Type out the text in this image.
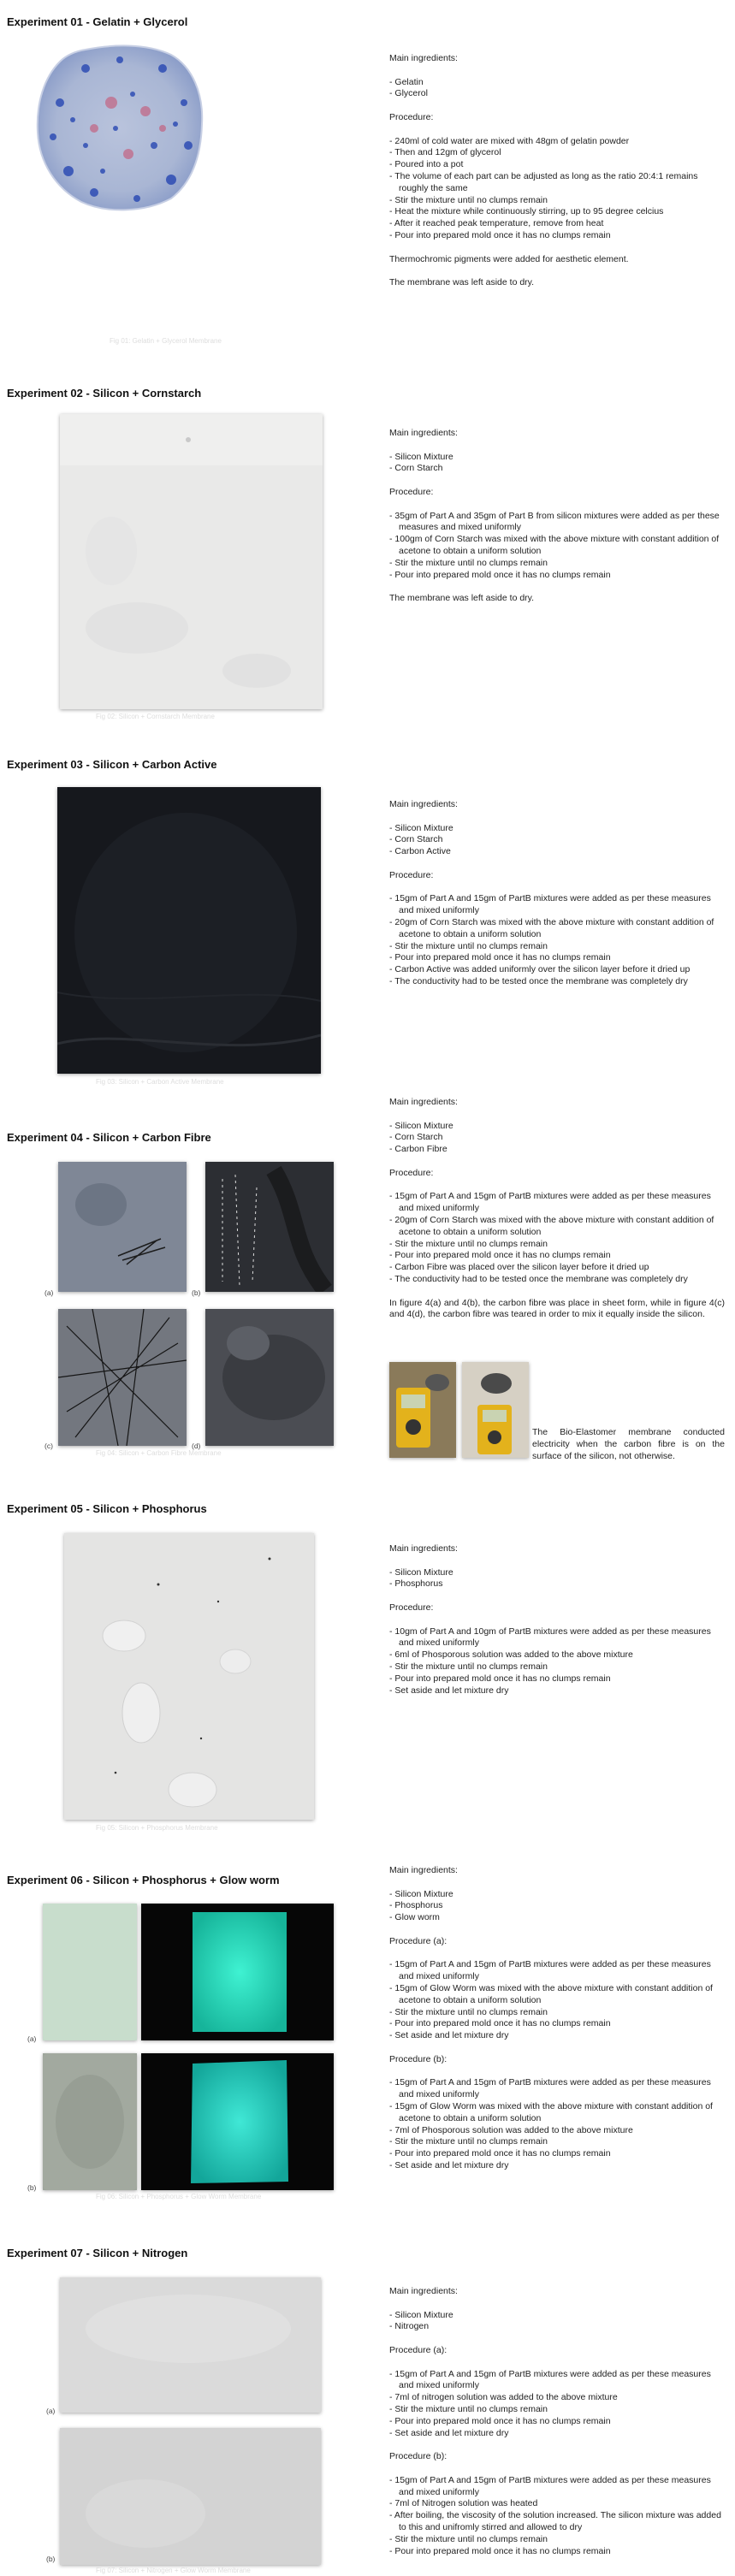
Experiment 01 - Gelatin + Glycerol
Fig 01: Gelatin + Glycerol Membrane

Main ingredients:

- Gelatin

- Glycerol

Procedure:

- 240ml of cold water are mixed with 48gm of gelatin powder

- Then and 12gm of glycerol

- Poured into a pot

- The volume of each part can be adjusted as long as the ratio 20:4:1 remains roughly the same

- Stir the mixture until no clumps remain

- Heat the mixture while continuously stirring, up to 95 degree celcius

- After it reached peak temperature, remove from heat

- Pour into prepared mold once it has no clumps remain

Thermochromic pigments were added for aesthetic element.

The membrane was left aside to dry.

Experiment 02 - Silicon + Cornstarch
Fig 02: Silicon + Cornstarch Membrane

Main ingredients:

- Silicon Mixture

- Corn Starch

Procedure:

- 35gm of Part A and 35gm of Part B from silicon mixtures were added as per these measures and mixed uniformly

- 100gm of Corn Starch was mixed with the above mixture with constant addition of acetone to obtain a uniform solution

- Stir the mixture until no clumps remain

- Pour into prepared mold once it has no clumps remain

The membrane was left aside to dry.

Experiment 03 - Silicon + Carbon Active
Fig 03: Silicon + Carbon Active Membrane

Main ingredients:

- Silicon Mixture

- Corn Starch

- Carbon Active

Procedure:

- 15gm of Part A and 15gm of PartB mixtures were added as per these measures and mixed uniformly

- 20gm of Corn Starch was mixed with the above mixture with constant addition of acetone to obtain a uniform solution

- Stir the mixture until no clumps remain

- Pour into prepared mold once it has no clumps remain

- Carbon Active was added uniformly over the silicon layer before it dried up

- The conductivity had to be tested once the membrane was completely dry

Experiment 04 - Silicon + Carbon Fibre
(a)	(b)
(c)	(d)
Fig 04: Silicon + Carbon Fibre Membrane

Main ingredients:

- Silicon Mixture

- Corn Starch

- Carbon Fibre

Procedure:

- 15gm of Part A and 15gm of PartB mixtures were added as per these measures and mixed uniformly

- 20gm of Corn Starch was mixed with the above mixture with constant addition of acetone to obtain a uniform solution

- Stir the mixture until no clumps remain

- Pour into prepared mold once it has no clumps remain

- Carbon Fibre was placed over the silicon layer before it dried up

- The conductivity had to be tested once the membrane was completely dry

In figure 4(a) and 4(b), the carbon fibre was place in sheet form, while in figure 4(c) and 4(d), the carbon fibre was teared in order to mix it equally inside the silicon.

The Bio-Elastomer membrane conducted electricity when the carbon fibre is on the surface of the silicon, not otherwise.

Experiment 05 - Silicon + Phosphorus
Fig 05: Silicon + Phosphorus Membrane

Main ingredients:

- Silicon Mixture

- Phosphorus

Procedure:

- 10gm of Part A and 10gm of PartB mixtures were added as per these measures and mixed uniformly

- 6ml of Phosporous solution was added to the above mixture

- Stir the mixture until no clumps remain

- Pour into prepared mold once it has no clumps remain

- Set aside and let mixture dry

Experiment 06 - Silicon + Phosphorus + Glow worm
(a)
(b)
Fig 06: Silicon + Phosphorus + Glow Worm Membrane

Main ingredients:

- Silicon Mixture

- Phosphorus

- Glow worm

Procedure (a):

- 15gm of Part A and 15gm of PartB mixtures were added as per these measures and mixed uniformly

- 15gm of Glow Worm was mixed with the above mixture with constant addition of acetone to obtain a uniform solution

- Stir the mixture until no clumps remain

- Pour into prepared mold once it has no clumps remain

- Set aside and let mixture dry

Procedure (b):

- 15gm of Part A and 15gm of PartB mixtures were added as per these measures and mixed uniformly

- 15gm of Glow Worm was mixed with the above mixture with constant addition of acetone to obtain a uniform solution

- 7ml of Phosporous solution was added to the above mixture

- Stir the mixture until no clumps remain

- Pour into prepared mold once it has no clumps remain

- Set aside and let mixture dry

Experiment 07 - Silicon + Nitrogen
(a)
(b)
Fig 07: Silicon + Nitrogen + Glow Worm Membrane

Main ingredients:

- Silicon Mixture

- Nitrogen

Procedure (a):

- 15gm of Part A and 15gm of PartB mixtures were added as per these measures and mixed uniformly

- 7ml of nitrogen solution was added to the above mixture

- Stir the mixture until no clumps remain

- Pour into prepared mold once it has no clumps remain

- Set aside and let mixture dry

Procedure (b):

- 15gm of Part A and 15gm of PartB mixtures were added as per these measures and mixed uniformly

- 7ml of Nitrogen solution was heated

- After boiling, the viscosity of the solution increased. The silicon mixture was added to this and unifromly stirred and allowed to dry

- Stir the mixture until no clumps remain

- Pour into prepared mold once it has no clumps remain
